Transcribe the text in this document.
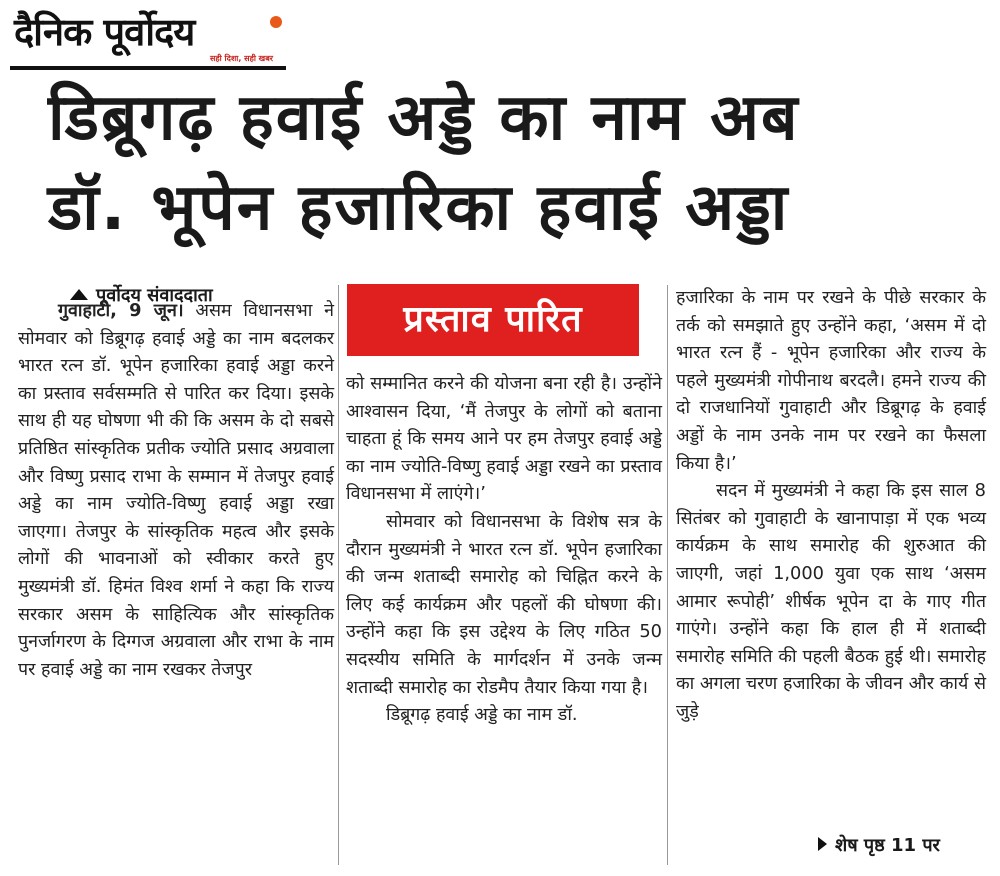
दैनिक पूर्वोदय
सही दिशा, सही खबर
डिब्रूगढ़ हवाई अड्डे का नाम अब
डॉ. भूपेन हजारिका हवाई अड्डा
पूर्वोदय संवाददाता
प्रस्ताव पारित

गुवाहाटी, 9 जून। असम विधानसभा ने सोमवार को डिब्रूगढ़ हवाई अड्डे का नाम बदलकर भारत रत्न डॉ. भूपेन हजारिका हवाई अड्डा करने का प्रस्ताव सर्वसम्मति से पारित कर दिया। इसके साथ ही यह घोषणा भी की कि असम के दो सबसे प्रतिष्ठित सांस्कृतिक प्रतीक ज्योति प्रसाद अग्रवाला और विष्णु प्रसाद राभा के सम्मान में तेजपुर हवाई अड्डे का नाम ज्योति-विष्णु हवाई अड्डा रखा जाएगा। तेजपुर के सांस्कृतिक महत्व और इसके लोगों की भावनाओं को स्वीकार करते हुए मुख्यमंत्री डॉ. हिमंत विश्व शर्मा ने कहा कि राज्य सरकार असम के साहित्यिक और सांस्कृतिक पुनर्जागरण के दिग्गज अग्रवाला और राभा के नाम पर हवाई अड्डे का नाम रखकर तेजपुर

को सम्मानित करने की योजना बना रही है। उन्होंने आश्वासन दिया, ‘मैं तेजपुर के लोगों को बताना चाहता हूं कि समय आने पर हम तेजपुर हवाई अड्डे का नाम ज्योति-विष्णु हवाई अड्डा रखने का प्रस्ताव विधानसभा में लाएंगे।’

सोमवार को विधानसभा के विशेष सत्र के दौरान मुख्यमंत्री ने भारत रत्न डॉ. भूपेन हजारिका की जन्म शताब्दी समारोह को चिह्नित करने के लिए कई कार्यक्रम और पहलों की घोषणा की। उन्होंने कहा कि इस उद्देश्य के लिए गठित 50 सदस्यीय समिति के मार्गदर्शन में उनके जन्म शताब्दी समारोह का रोडमैप तैयार किया गया है।

डिब्रूगढ़ हवाई अड्डे का नाम डॉ.

हजारिका के नाम पर रखने के पीछे सरकार के तर्क को समझाते हुए उन्होंने कहा, ‘असम में दो भारत रत्न हैं - भूपेन हजारिका और राज्य के पहले मुख्यमंत्री गोपीनाथ बरदलै। हमने राज्य की दो राजधानियों गुवाहाटी और डिब्रूगढ़ के हवाई अड्डों के नाम उनके नाम पर रखने का फैसला किया है।’

सदन में मुख्यमंत्री ने कहा कि इस साल 8 सितंबर को गुवाहाटी के खानापाड़ा में एक भव्य कार्यक्रम के साथ समारोह की शुरुआत की जाएगी, जहां 1,000 युवा एक साथ ‘असम आमार रूपोही’ शीर्षक भूपेन दा के गाए गीत गाएंगे। उन्होंने कहा कि हाल ही में शताब्दी समारोह समिति की पहली बैठक हुई थी। समारोह का अगला चरण हजारिका के जीवन और कार्य से जुड़े

शेष पृष्ठ 11 पर
